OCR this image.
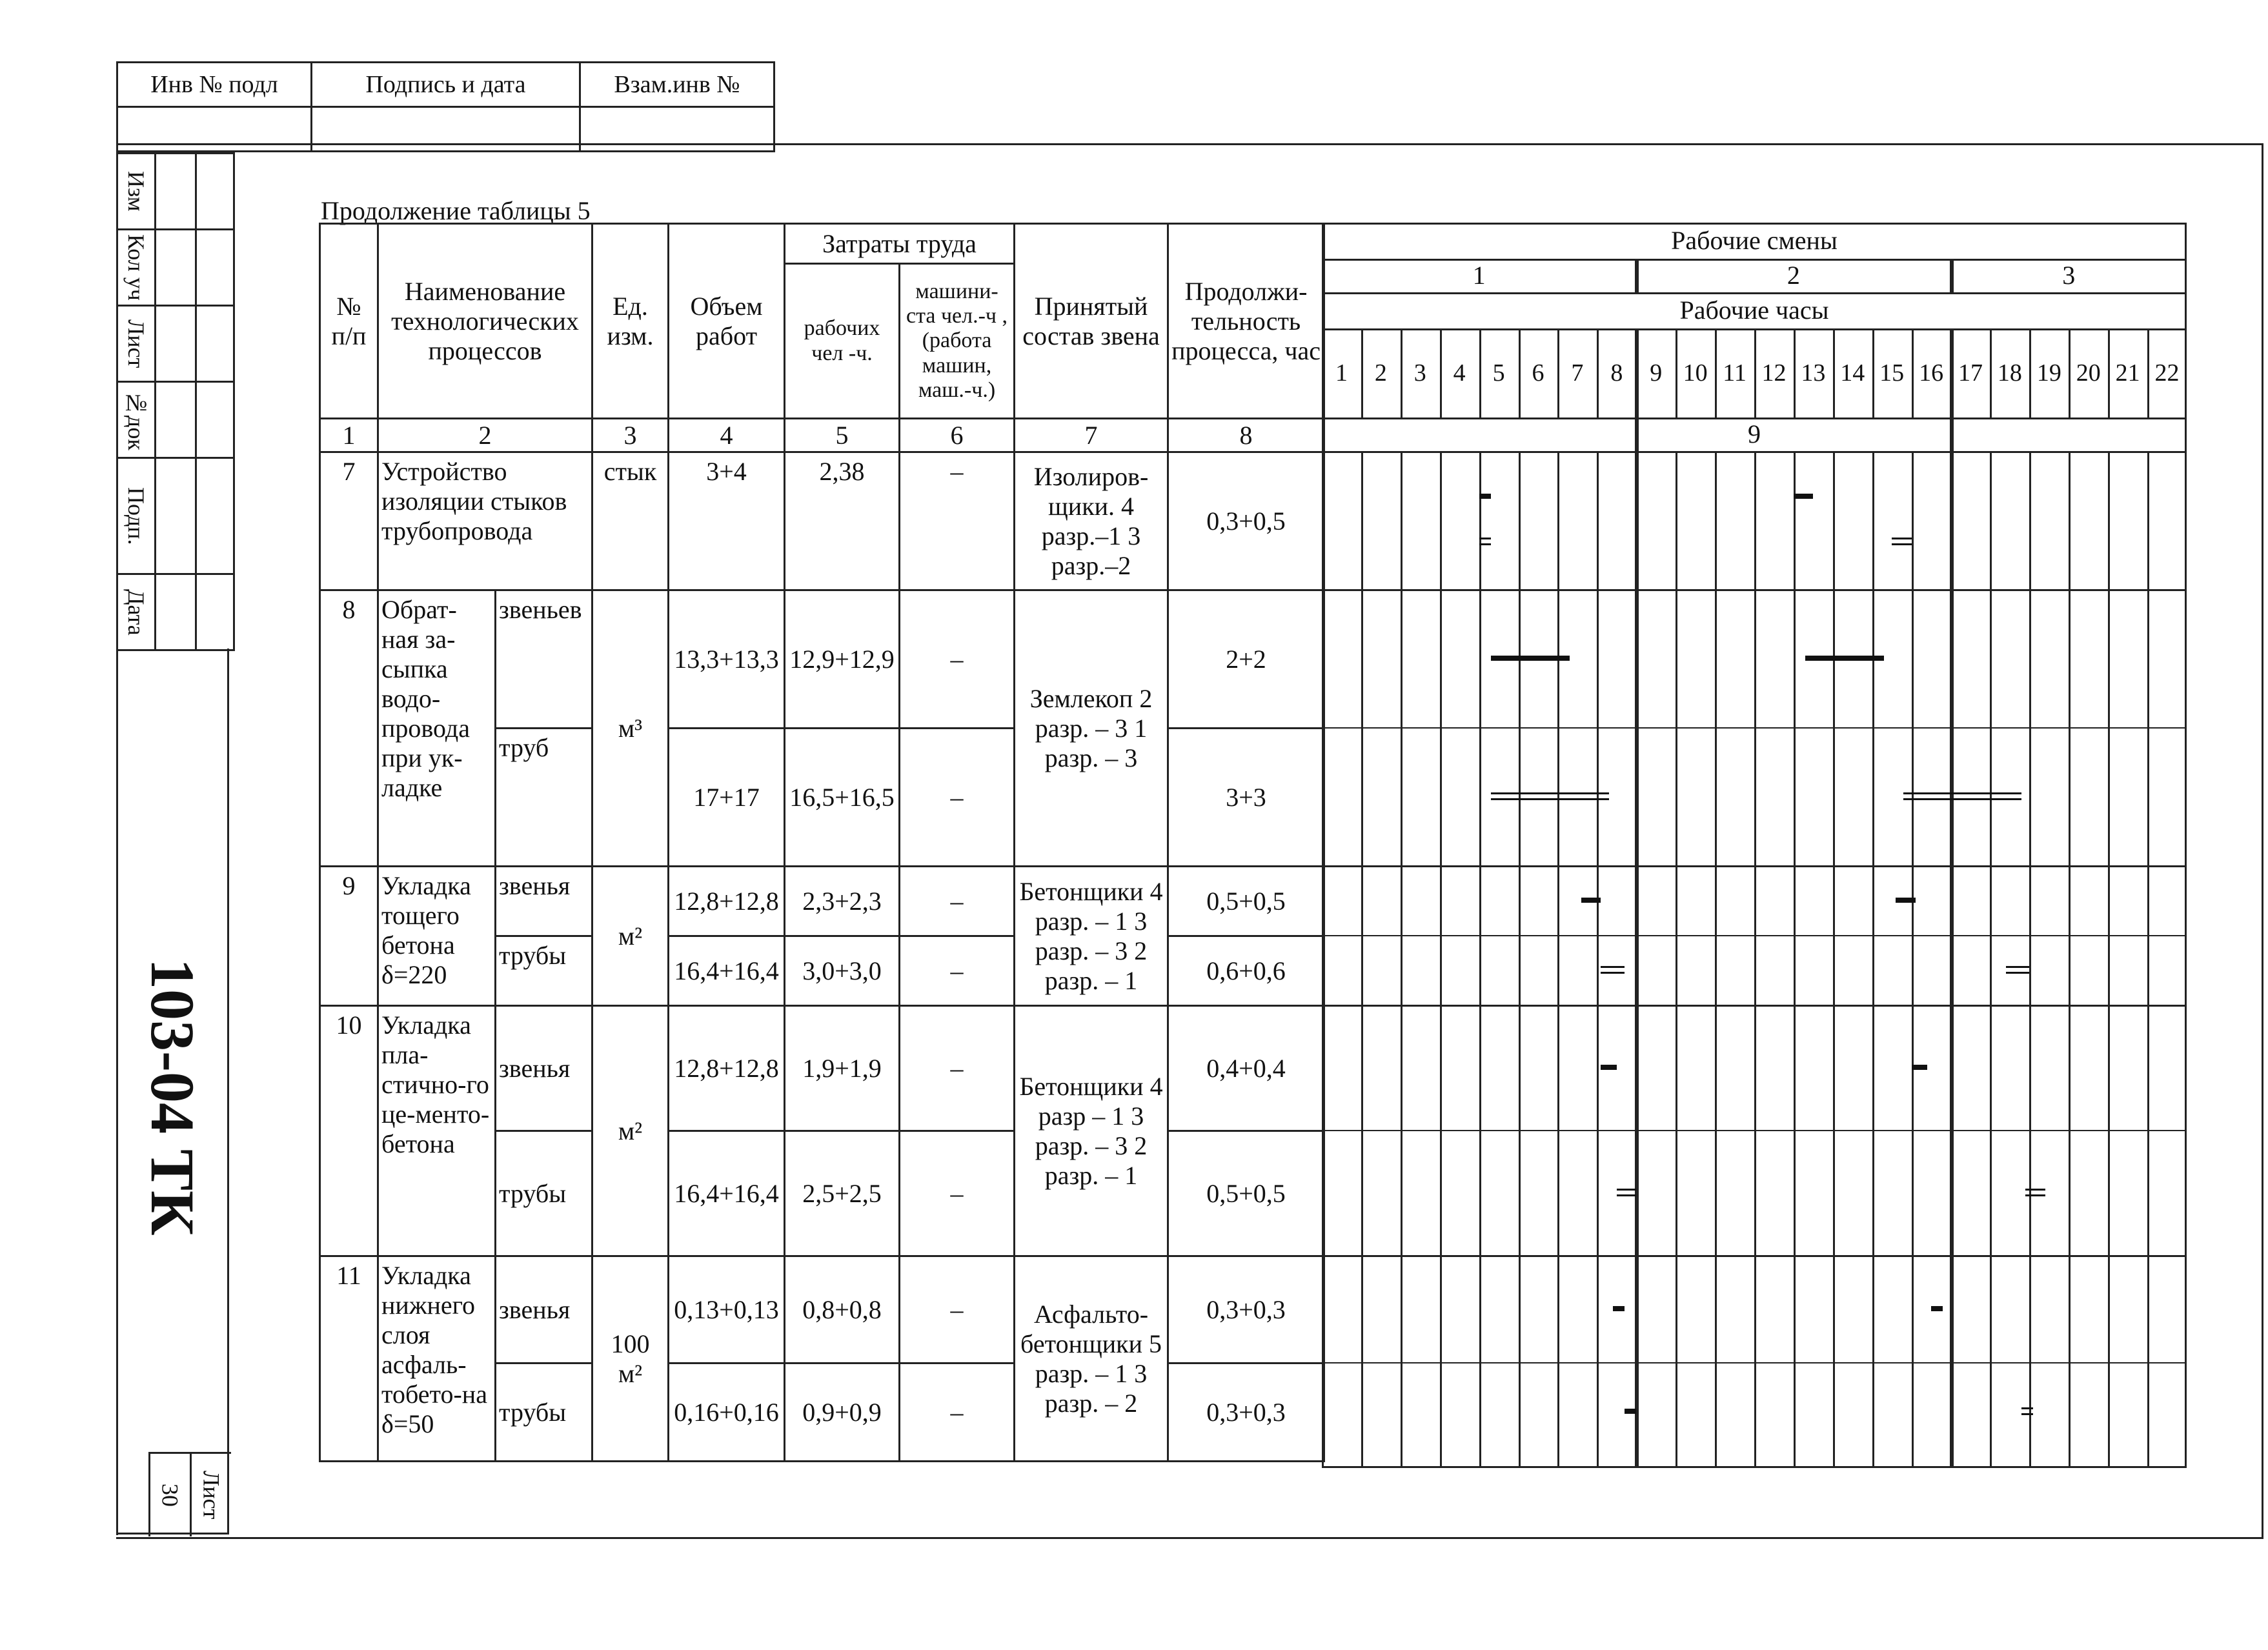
Инв № подл	Подпись и дата	Взам.инв №

Изм		

Кол уч		

Лист		

№док		

Подп.		

Дата		

103-04 ТК
30 Лист
Продолжение таблицы 5
№ п/п	Наименование технологических процессов		Ед. изм.	Объем работ	Затраты труда		Принятый состав звена	Продолжи-тельность процесса, час
					рабочих чел -ч.	машини-ста чел.-ч , (работа машин, маш.-ч.)		
1	2		3	4	5	6	7	8
7	Устройство изоляции стыков трубопровода		стык	3+4	2,38	–	Изолиров-щики. 4 разр.–1 3 разр.–2	0,3+0,5
8	Обрат-ная за-сыпка водо-провода при ук-ладке	звеньев	м³	13,3+13,3	12,9+12,9	–	Землекоп 2 разр. – 3 1 разр. – 3	2+2
		труб		17+17	16,5+16,5	–		3+3
9	Укладка тощего бетона δ=220	звенья	м²	12,8+12,8	2,3+2,3	–	Бетонщики 4 разр. – 1 3 разр. – 3 2 разр. – 1	0,5+0,5
		трубы		16,4+16,4	3,0+3,0	–		0,6+0,6
10	Укладка пла-стично-го це-менто-бетона	звенья	м²	12,8+12,8	1,9+1,9	–	Бетонщики 4 разр – 1 3 разр. – 3 2 разр. – 1	0,4+0,4
		трубы		16,4+16,4	2,5+2,5	–		0,5+0,5
11	Укладка нижнего слоя асфаль-тобето-на δ=50	звенья	100 м²	0,13+0,13	0,8+0,8	–	Асфальто-бетонщики 5 разр. – 1 3 разр. – 2	0,3+0,3
		трубы		0,16+0,16	0,9+0,9	–		0,3+0,3
Рабочие смены
Рабочие часы
9
1	2	3
1	2	3	4	5	6	7	8	9 10 11 12 13 14 15 16 17 18 19 20 21 22
